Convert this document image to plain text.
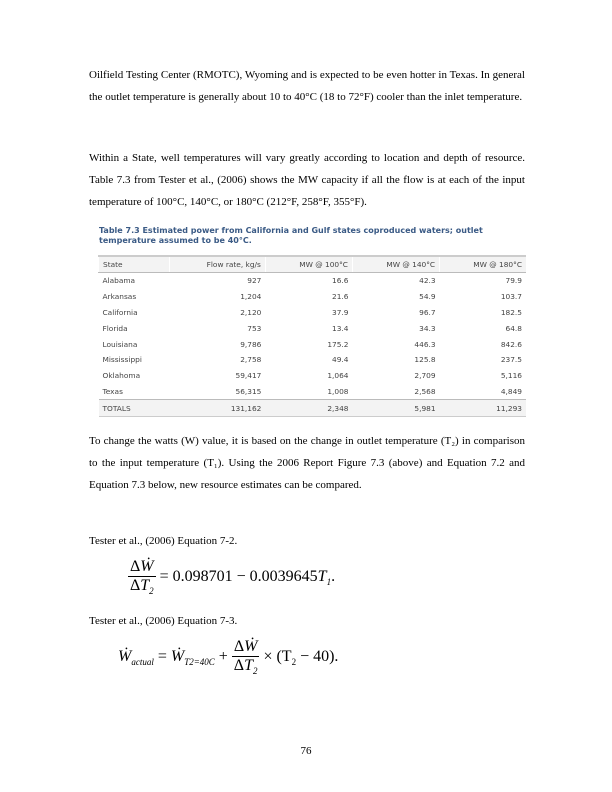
Oilfield Testing Center (RMOTC), Wyoming and is expected to be even hotter in Texas. In general the outlet temperature is generally about 10 to 40°C (18 to 72°F) cooler than the inlet temperature.
Within a State, well temperatures will vary greatly according to location and depth of resource. Table 7.3 from Tester et al., (2006) shows the MW capacity if all the flow is at each of the input temperature of 100°C, 140°C, or 180°C (212°F, 258°F, 355°F).
Table 7.3 Estimated power from California and Gulf states coproduced waters; outlet temperature assumed to be 40°C.
State	Flow rate, kg/s	MW @ 100°C	MW @ 140°C	MW @ 180°C
Alabama	927	16.6	42.3	79.9
Arkansas	1,204	21.6	54.9	103.7
California	2,120	37.9	96.7	182.5
Florida	753	13.4	34.3	64.8
Louisiana	9,786	175.2	446.3	842.6
Mississippi	2,758	49.4	125.8	237.5
Oklahoma	59,417	1,064	2,709	5,116
Texas	56,315	1,008	2,568	4,849
TOTALS	131,162	2,348	5,981	11,293
To change the watts (W) value, it is based on the change in outlet temperature (T₂) in comparison to the input temperature (T₁). Using the 2006 Report Figure 7.3 (above) and Equation 7.2 and Equation 7.3 below, new resource estimates can be compared.
Tester et al., (2006) Equation 7-2.
$\frac{\text{ΔẆ}}{\Delta T_2} = 0.098701 - 0.0039645T_1$.
Tester et al., (2006) Equation 7-3.
Ẇ$_{actual}$ = Ẇ$_{T2=40C}$ + $\frac{\text{ΔẆ}}{\Delta T_2} \times (T_2 - 40)$.
76
